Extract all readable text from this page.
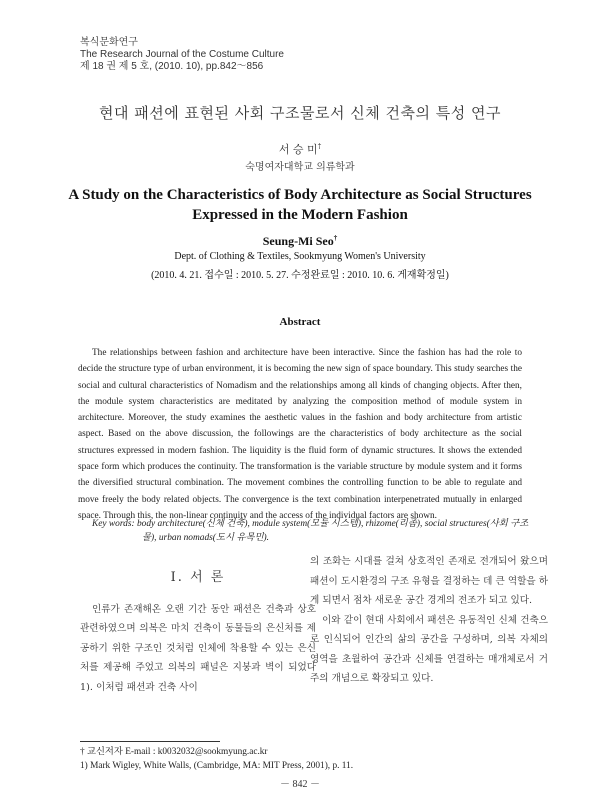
복식문화연구
The Research Journal of the Costume Culture
제 18 권 제 5 호, (2010. 10), pp.842～856
현대 패션에 표현된 사회 구조물로서 신체 건축의 특성 연구
서 승 미†
숙명여자대학교 의류학과
A Study on the Characteristics of Body Architecture as Social Structures Expressed in the Modern Fashion
Seung-Mi Seo†
Dept. of Clothing & Textiles, Sookmyung Women's University
(2010. 4. 21. 접수일 : 2010. 5. 27. 수정완료일 : 2010. 10. 6. 게재확정일)
Abstract
The relationships between fashion and architecture have been interactive. Since the fashion has had the role to decide the structure type of urban environment, it is becoming the new sign of space boundary. This study searches the social and cultural characteristics of Nomadism and the relationships among all kinds of changing objects. After then, the module system characteristics are meditated by analyzing the composition method of module system in architecture. Moreover, the study examines the aesthetic values in the fashion and body architecture from artistic aspect. Based on the above discussion, the followings are the characteristics of body architecture as the social structures expressed in modern fashion. The liquidity is the fluid form of dynamic structures. It shows the extended space form which produces the continuity. The transformation is the variable structure by module system and it forms the diversified structural combination. The movement combines the controlling function to be able to regulate and move freely the body related objects. The convergence is the text combination interpenetrated mutually in enlarged space. Through this, the non-linear continuity and the access of the individual factors are shown.
Key words: body architecture(신체 건축), module system(모듈 시스템), rhizome(리좀), social structures(사회 구조물), urban nomads(도시 유목민).
Ⅰ. 서 론

인류가 존재해온 오랜 기간 동안 패션은 건축과 상호 관련하였으며 의복은 마치 건축이 동물들의 은신처를 제공하기 위한 구조인 것처럼 인체에 착용할 수 있는 은신처를 제공해 주었고 의복의 패널은 지붕과 벽이 되었다1). 이처럼 패션과 건축 사이

의 조화는 시대를 걸쳐 상호적인 존재로 전개되어 왔으며 패션이 도시환경의 구조 유형을 결정하는 데 큰 역할을 하게 되면서 점차 새로운 공간 경계의 전조가 되고 있다.

이와 같이 현대 사회에서 패션은 유동적인 신체 건축으로 인식되어 인간의 삶의 공간을 구성하며, 의복 자체의 영역을 초월하여 공간과 신체를 연결하는 매개체로서 거주의 개념으로 확장되고 있다.

† 교신저자 E-mail : k0032032@sookmyung.ac.kr
1) Mark Wigley, White Walls, (Cambridge, MA: MIT Press, 2001), p. 11.
－ 842 －
